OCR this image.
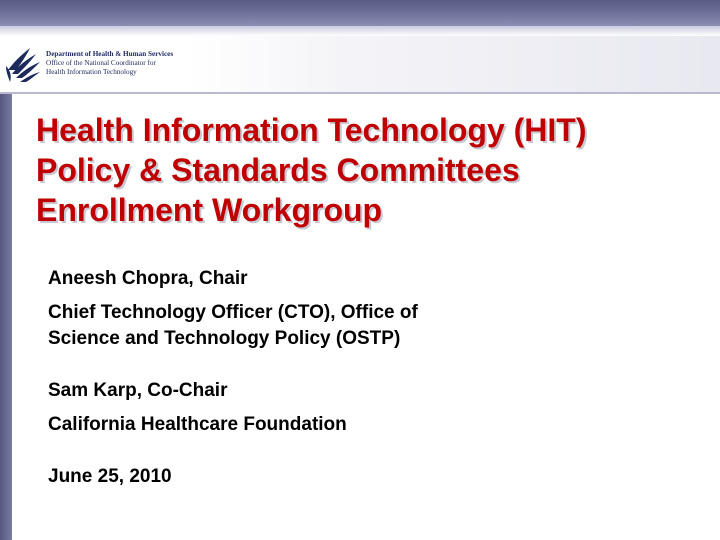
Department of Health & Human Services
Office of the National Coordinator for
Health Information Technology
Health Information Technology (HIT)
Policy & Standards Committees
Enrollment Workgroup
Aneesh Chopra, Chair
Chief Technology Officer (CTO), Office of
Science and Technology Policy (OSTP)
Sam Karp, Co-Chair
California Healthcare Foundation
June 25, 2010
